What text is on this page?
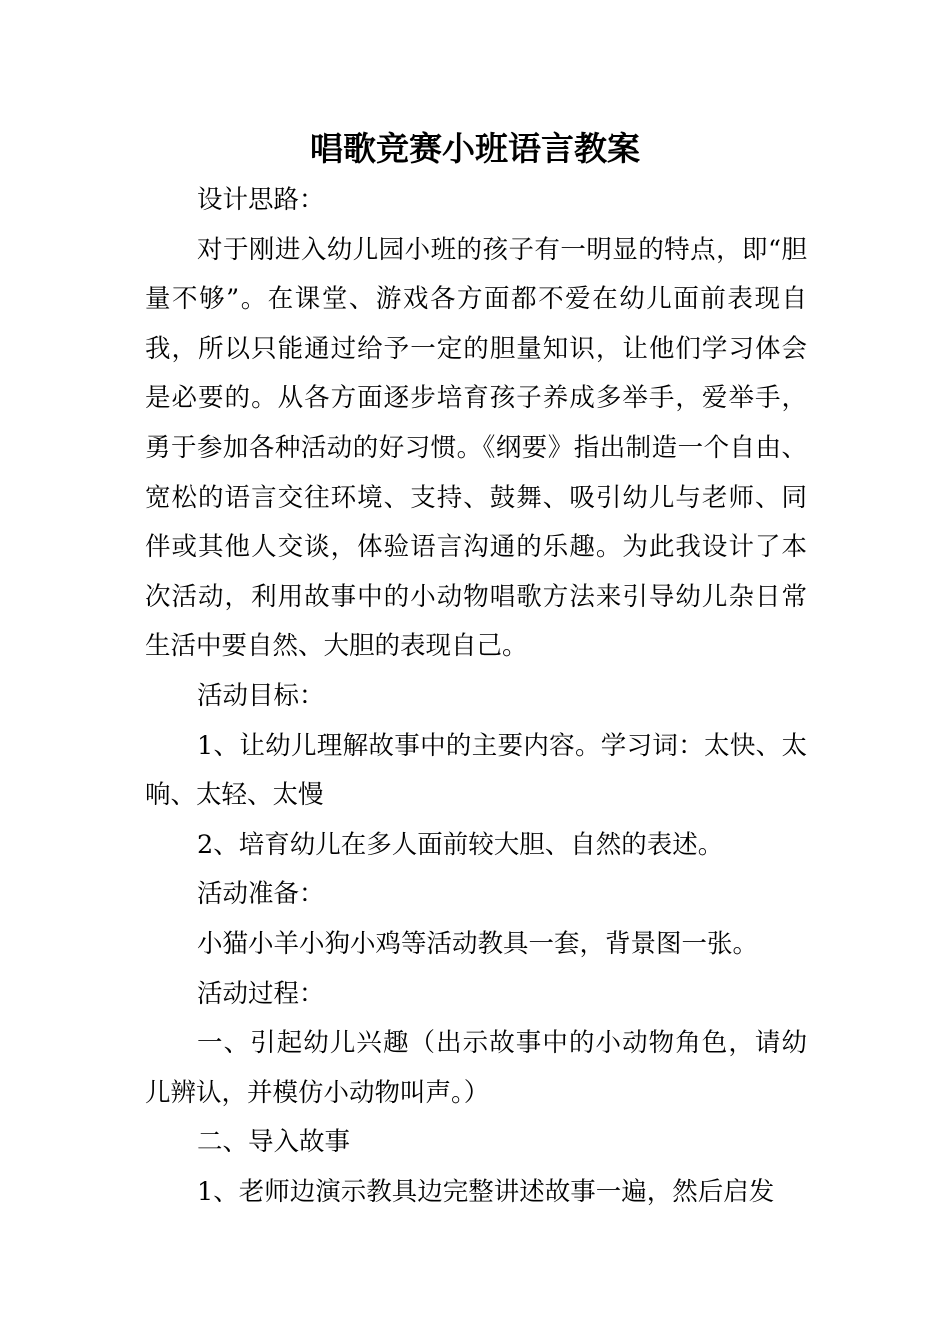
唱歌竞赛小班语言教案

设计思路：

对于刚进入幼儿园小班的孩子有一明显的特点，即“胆量不够”。在课堂、游戏各方面都不爱在幼儿面前表现自我，所以只能通过给予一定的胆量知识，让他们学习体会是必要的。从各方面逐步培育孩子养成多举手，爱举手，勇于参加各种活动的好习惯。《纲要》指出制造一个自由、宽松的语言交往环境、支持、鼓舞、吸引幼儿与老师、同伴或其他人交谈，体验语言沟通的乐趣。为此我设计了本次活动，利用故事中的小动物唱歌方法来引导幼儿杂日常生活中要自然、大胆的表现自己。

活动目标：

1、让幼儿理解故事中的主要内容。学习词：太快、太响、太轻、太慢

2、培育幼儿在多人面前较大胆、自然的表述。

活动准备：

小猫小羊小狗小鸡等活动教具一套，背景图一张。

活动过程：

一、引起幼儿兴趣（出示故事中的小动物角色，请幼儿辨认，并模仿小动物叫声。）

二、导入故事

1、老师边演示教具边完整讲述故事一遍，然后启发
